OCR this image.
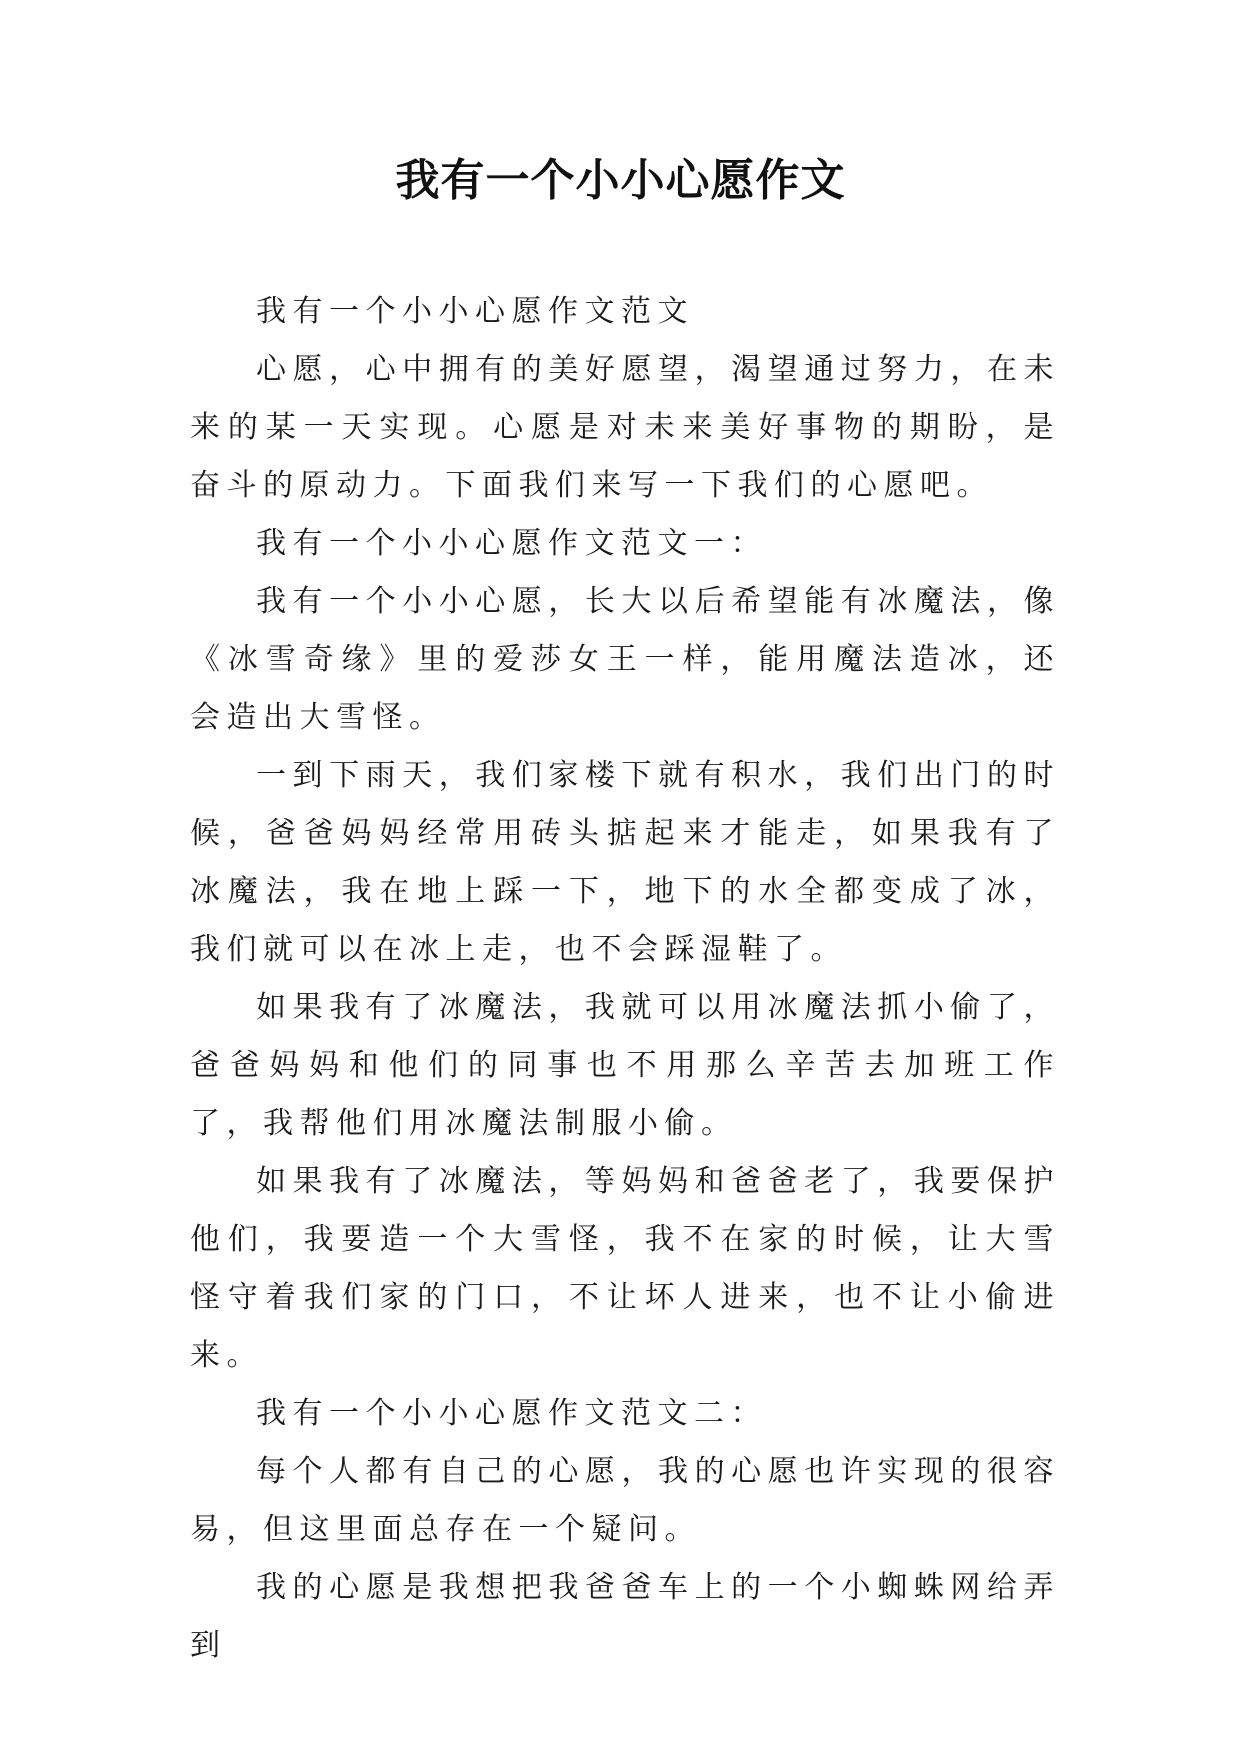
我有一个小小心愿作文

我有一个小小心愿作文范文

心愿，心中拥有的美好愿望，渴望通过努力，在未来的某一天实现。心愿是对未来美好事物的期盼，是奋斗的原动力。下面我们来写一下我们的心愿吧。

我有一个小小心愿作文范文一：

我有一个小小心愿，长大以后希望能有冰魔法，像《冰雪奇缘》里的爱莎女王一样，能用魔法造冰，还会造出大雪怪。

一到下雨天，我们家楼下就有积水，我们出门的时候，爸爸妈妈经常用砖头掂起来才能走，如果我有了冰魔法，我在地上踩一下，地下的水全都变成了冰，我们就可以在冰上走，也不会踩湿鞋了。

如果我有了冰魔法，我就可以用冰魔法抓小偷了，爸爸妈妈和他们的同事也不用那么辛苦去加班工作了，我帮他们用冰魔法制服小偷。

如果我有了冰魔法，等妈妈和爸爸老了，我要保护他们，我要造一个大雪怪，我不在家的时候，让大雪怪守着我们家的门口，不让坏人进来，也不让小偷进来。

我有一个小小心愿作文范文二：

每个人都有自己的心愿，我的心愿也许实现的很容易，但这里面总存在一个疑问。

我的心愿是我想把我爸爸车上的一个小蜘蛛网给弄到
